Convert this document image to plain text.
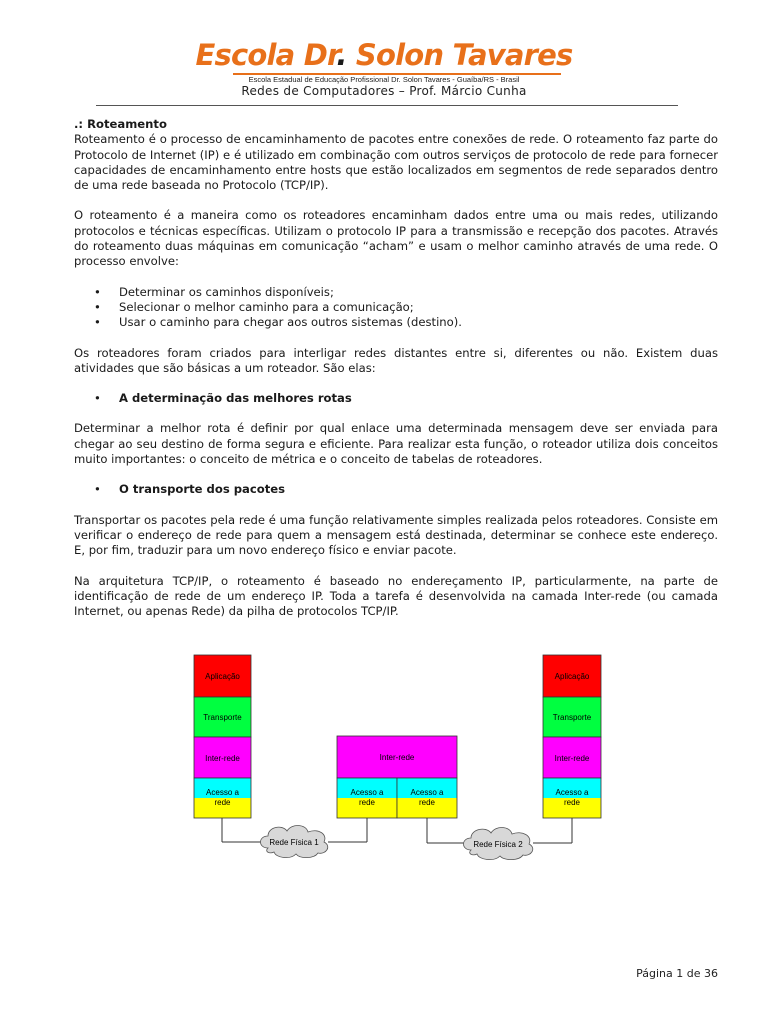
Escola Dr. Solon Tavares
Escola Estadual de Educação Profissional Dr. Solon Tavares - Guaíba/RS - Brasil
Redes de Computadores – Prof. Márcio Cunha

.: Roteamento

Roteamento é o processo de encaminhamento de pacotes entre conexões de rede. O roteamento faz parte do Protocolo de Internet (IP) e é utilizado em combinação com outros serviços de protocolo de rede para fornecer capacidades de encaminhamento entre hosts que estão localizados em segmentos de rede separados dentro de uma rede baseada no Protocolo (TCP/IP).

O roteamento é a maneira como os roteadores encaminham dados entre uma ou mais redes, utilizando protocolos e técnicas específicas. Utilizam o protocolo IP para a transmissão e recepção dos pacotes. Através do roteamento duas máquinas em comunicação “acham” e usam o melhor caminho através de uma rede. O processo envolve:

• Determinar os caminhos disponíveis;
• Selecionar o melhor caminho para a comunicação;
• Usar o caminho para chegar aos outros sistemas (destino).

Os roteadores foram criados para interligar redes distantes entre si, diferentes ou não. Existem duas atividades que são básicas a um roteador. São elas:

• A determinação das melhores rotas

Determinar a melhor rota é definir por qual enlace uma determinada mensagem deve ser enviada para chegar ao seu destino de forma segura e eficiente. Para realizar esta função, o roteador utiliza dois conceitos muito importantes: o conceito de métrica e o conceito de tabelas de roteadores.

• O transporte dos pacotes

Transportar os pacotes pela rede é uma função relativamente simples realizada pelos roteadores. Consiste em verificar o endereço de rede para quem a mensagem está destinada, determinar se conhece este endereço. E, por fim, traduzir para um novo endereço físico e enviar pacote.

Na arquitetura TCP/IP, o roteamento é baseado no endereçamento IP, particularmente, na parte de identificação de rede de um endereço IP. Toda a tarefa é desenvolvida na camada Inter-rede (ou camada Internet, ou apenas Rede) da pilha de protocolos TCP/IP.

Aplicação
Transporte
Inter-rede
Acesso a
rede
Inter-rede
Acesso a
rede
Acesso a
rede
Aplicação
Transporte
Inter-rede
Acesso a
rede
Rede Física 1	Rede Física 2
Página 1 de 36
